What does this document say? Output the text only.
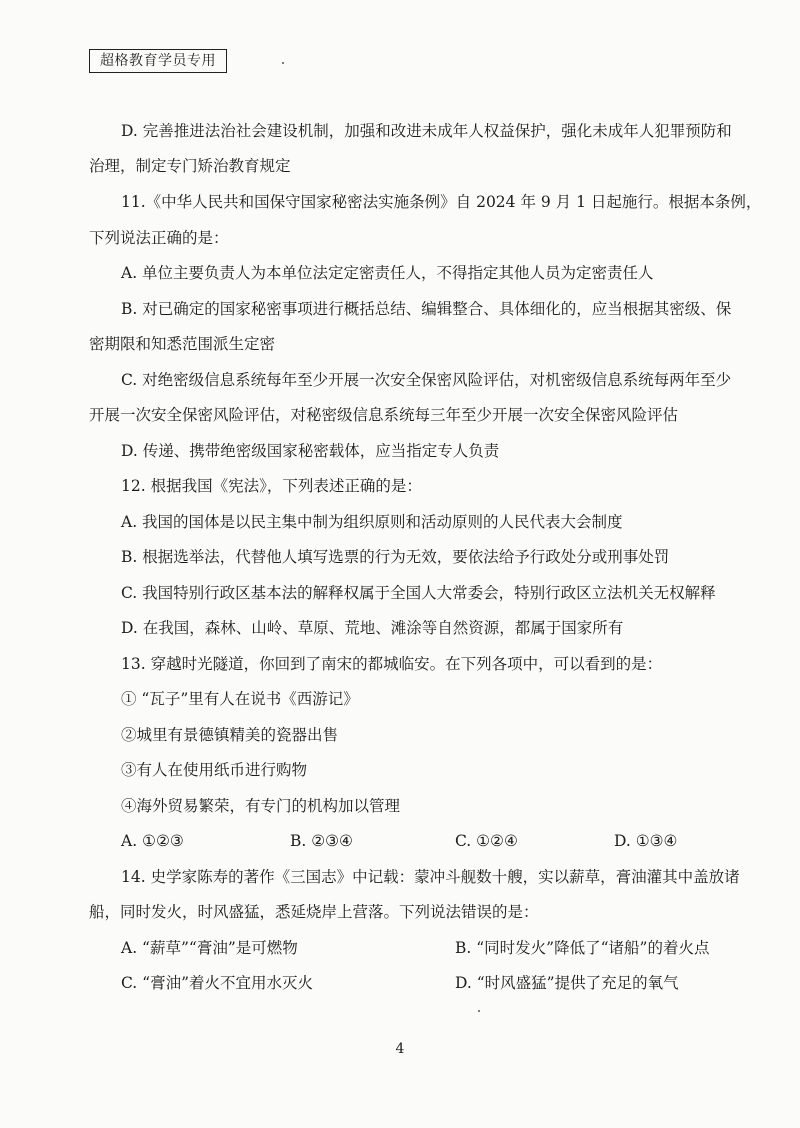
超格教育学员专用
D. 完善推进法治社会建设机制，加强和改进未成年人权益保护，强化未成年人犯罪预防和
治理，制定专门矫治教育规定
11.《中华人民共和国保守国家秘密法实施条例》自 2024 年 9 月 1 日起施行。根据本条例，
下列说法正确的是：
A. 单位主要负责人为本单位法定定密责任人，不得指定其他人员为定密责任人
B. 对已确定的国家秘密事项进行概括总结、编辑整合、具体细化的，应当根据其密级、保
密期限和知悉范围派生定密
C. 对绝密级信息系统每年至少开展一次安全保密风险评估，对机密级信息系统每两年至少
开展一次安全保密风险评估，对秘密级信息系统每三年至少开展一次安全保密风险评估
D. 传递、携带绝密级国家秘密载体，应当指定专人负责
12. 根据我国《宪法》，下列表述正确的是：
A. 我国的国体是以民主集中制为组织原则和活动原则的人民代表大会制度
B. 根据选举法，代替他人填写选票的行为无效，要依法给予行政处分或刑事处罚
C. 我国特别行政区基本法的解释权属于全国人大常委会，特别行政区立法机关无权解释
D. 在我国，森林、山岭、草原、荒地、滩涂等自然资源，都属于国家所有
13. 穿越时光隧道，你回到了南宋的都城临安。在下列各项中，可以看到的是：
① “瓦子”里有人在说书《西游记》
②城里有景德镇精美的瓷器出售
③有人在使用纸币进行购物
④海外贸易繁荣，有专门的机构加以管理
A. ①②③	B. ②③④	C. ①②④	D. ①③④
14. 史学家陈寿的著作《三国志》中记载：蒙冲斗舰数十艘，实以薪草，膏油灌其中盖放诸
船，同时发火，时风盛猛，悉延烧岸上营落。下列说法错误的是：
A. “薪草”“膏油”是可燃物	B. “同时发火”降低了“诸船”的着火点
C. “膏油”着火不宜用水灭火	D. “时风盛猛”提供了充足的氧气
4
